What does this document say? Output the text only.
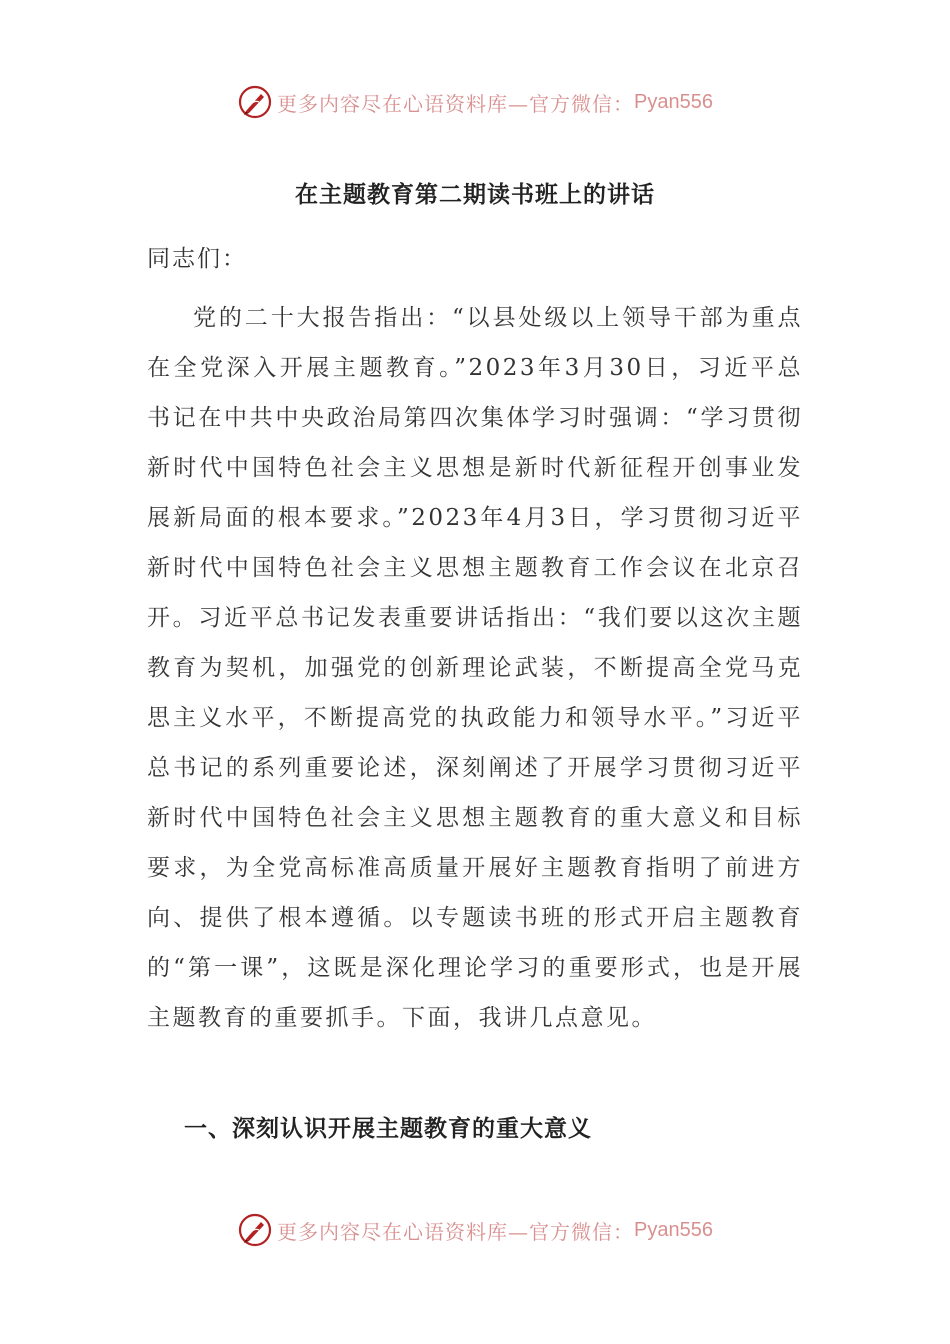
更多内容尽在心语资料库—官方微信： Pyan556
在主题教育第二期读书班上的讲话
同志们：

党的二十大报告指出：“以县处级以上领导干部为重点在全党深入开展主题教育。”2023年3月30日，习近平总书记在中共中央政治局第四次集体学习时强调：“学习贯彻新时代中国特色社会主义思想是新时代新征程开创事业发展新局面的根本要求。”2023年4月3日，学习贯彻习近平新时代中国特色社会主义思想主题教育工作会议在北京召开。习近平总书记发表重要讲话指出：“我们要以这次主题教育为契机，加强党的创新理论武装，不断提高全党马克思主义水平，不断提高党的执政能力和领导水平。”习近平总书记的系列重要论述，深刻阐述了开展学习贯彻习近平新时代中国特色社会主义思想主题教育的重大意义和目标要求，为全党高标准高质量开展好主题教育指明了前进方向、提供了根本遵循。以专题读书班的形式开启主题教育的“第一课”，这既是深化理论学习的重要形式，也是开展主题教育的重要抓手。下面，我讲几点意见。

一、深刻认识开展主题教育的重大意义
更多内容尽在心语资料库—官方微信： Pyan556
